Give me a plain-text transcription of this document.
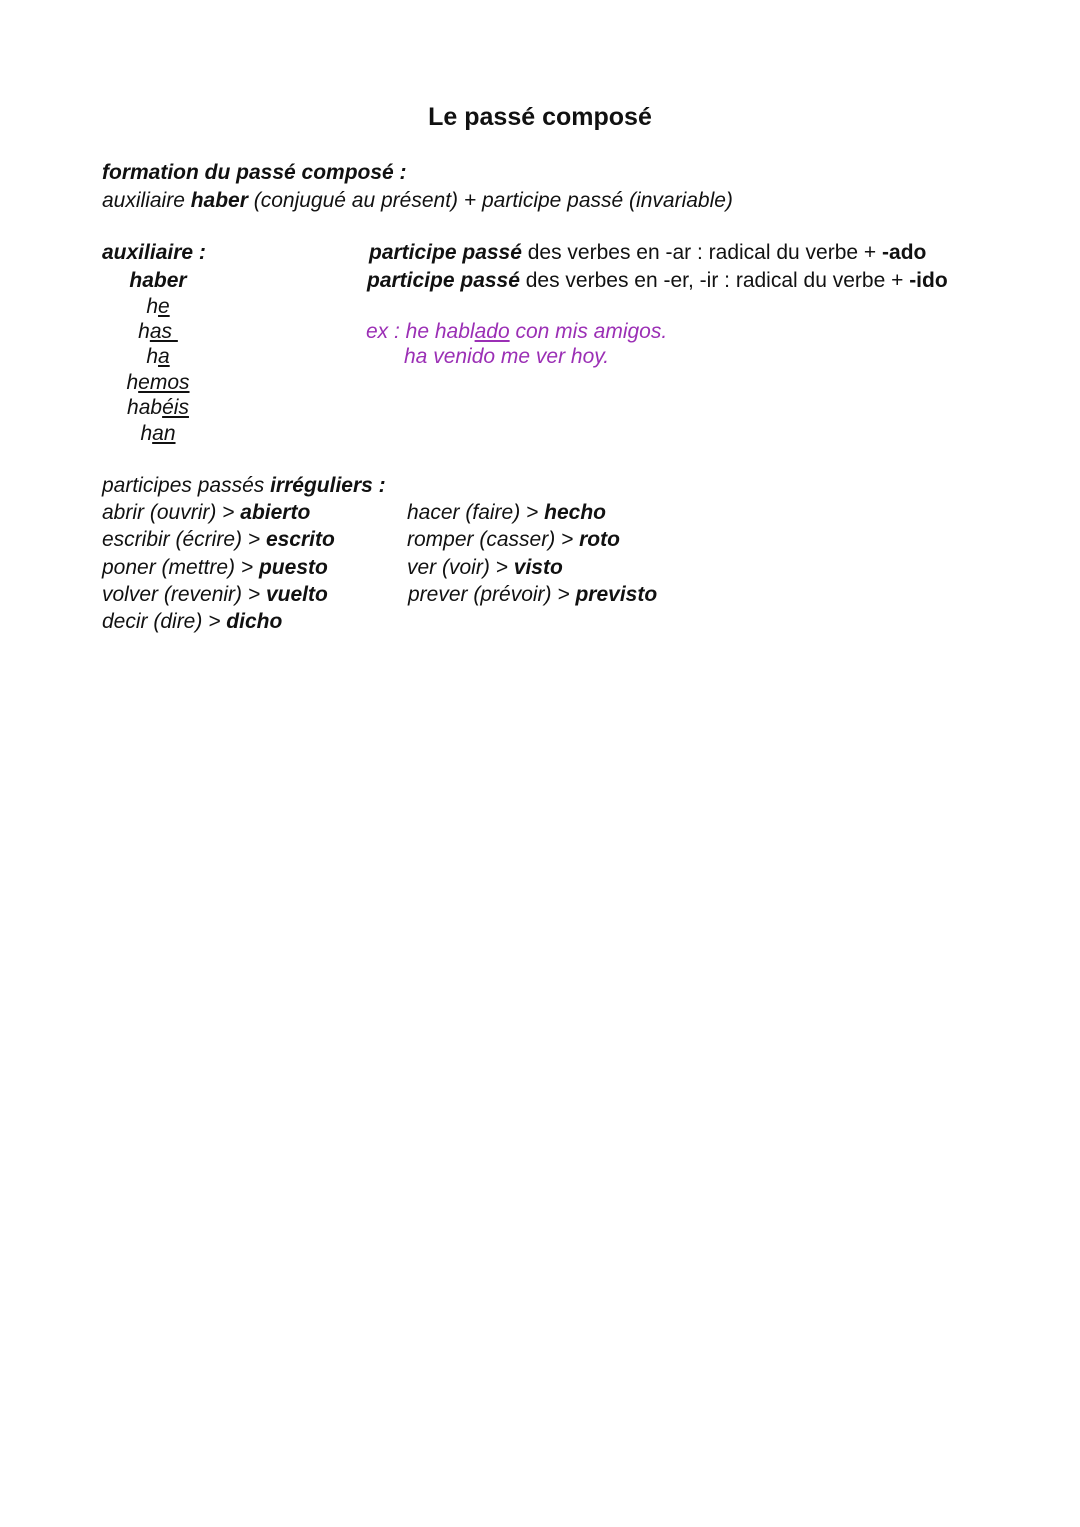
Le passé composé
formation du passé composé :
auxiliaire haber (conjugué au présent) + participe passé (invariable)
auxiliaire :
haber
he
has
ha
hemos
habéis
han
participe passé des verbes en -ar : radical du verbe + -ado
participe passé des verbes en -er, -ir : radical du verbe + -ido
ex : he hablado con mis amigos.
ha venido me ver hoy.
participes passés irréguliers :
abrir (ouvrir) > abierto
escribir (écrire) > escrito
poner (mettre) > puesto
volver (revenir) > vuelto
decir (dire) > dicho
hacer (faire) > hecho
romper (casser) > roto
ver (voir) > visto
prever (prévoir) > previsto
